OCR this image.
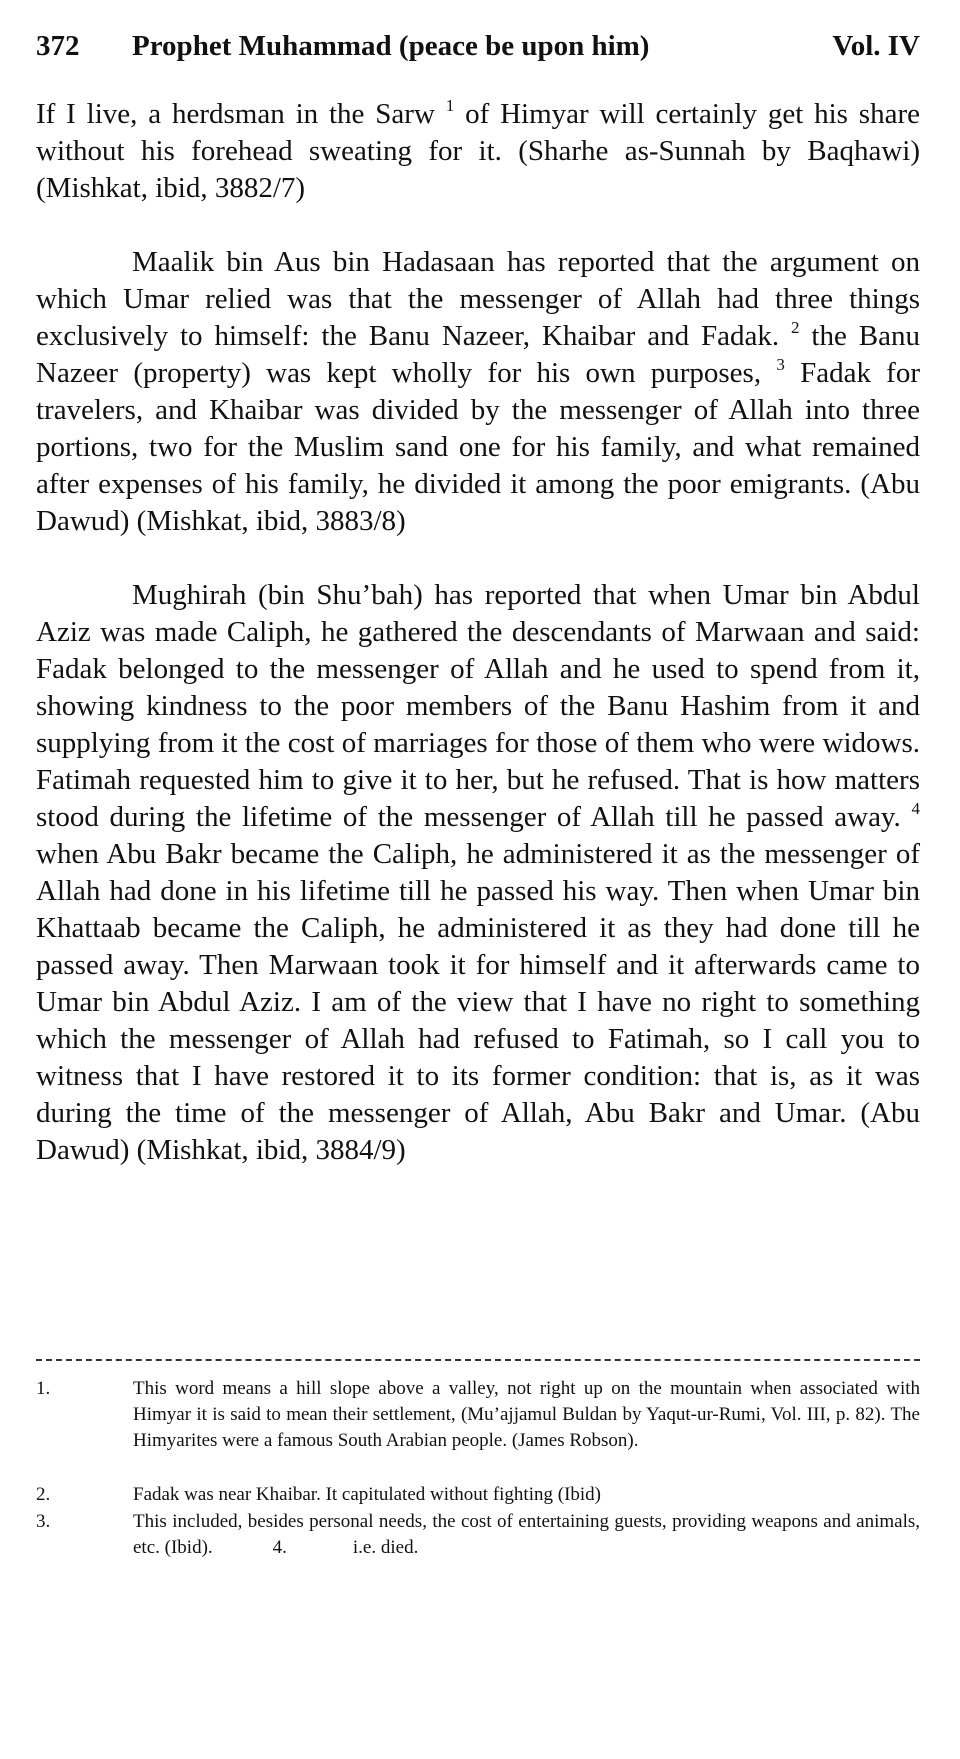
372 Prophet Muhammad (peace be upon him)	Vol. IV

If I live, a herdsman in the Sarw $^1$ of Himyar will certainly get his share without his forehead sweating for it. (Sharhe as-Sunnah by Baqhawi) (Mishkat, ibid, 3882/7)

Maalik bin Aus bin Hadasaan has reported that the argument on which Umar relied was that the messenger of Allah had three things exclusively to himself: the Banu Nazeer, Khaibar and Fadak. $^2$ the Banu Nazeer (property) was kept wholly for his own purposes, $^3$ Fadak for travelers, and Khaibar was divided by the messenger of Allah into three portions, two for the Muslim sand one for his family, and what remained after expenses of his family, he divided it among the poor emigrants. (Abu Dawud) (Mishkat, ibid, 3883/8)

Mughirah (bin Shu’bah) has reported that when Umar bin Abdul Aziz was made Caliph, he gathered the descendants of Marwaan and said: Fadak belonged to the messenger of Allah and he used to spend from it, showing kindness to the poor members of the Banu Hashim from it and supplying from it the cost of marriages for those of them who were widows. Fatimah requested him to give it to her, but he refused. That is how matters stood during the lifetime of the messenger of Allah till he passed away. $^4$ when Abu Bakr became the Caliph, he administered it as the messenger of Allah had done in his lifetime till he passed his way. Then when Umar bin Khattaab became the Caliph, he administered it as they had done till he passed away. Then Marwaan took it for himself and it afterwards came to Umar bin Abdul Aziz. I am of the view that I have no right to something which the messenger of Allah had refused to Fatimah, so I call you to witness that I have restored it to its former condition: that is, as it was during the time of the messenger of Allah, Abu Bakr and Umar. (Abu Dawud) (Mishkat, ibid, 3884/9)

1.	This word means a hill slope above a valley, not right up on the mountain when associated with Himyar it is said to mean their settlement, (Mu’ajjamul Buldan by Yaqut-ur-Rumi, Vol. III, p. 82). The Himyarites were a famous South Arabian people. (James Robson).
2.	Fadak was near Khaibar. It capitulated without fighting (Ibid)
3.	This included, besides personal needs, the cost of entertaining guests, providing weapons and animals, etc. (Ibid).	4.	i.e. died.
